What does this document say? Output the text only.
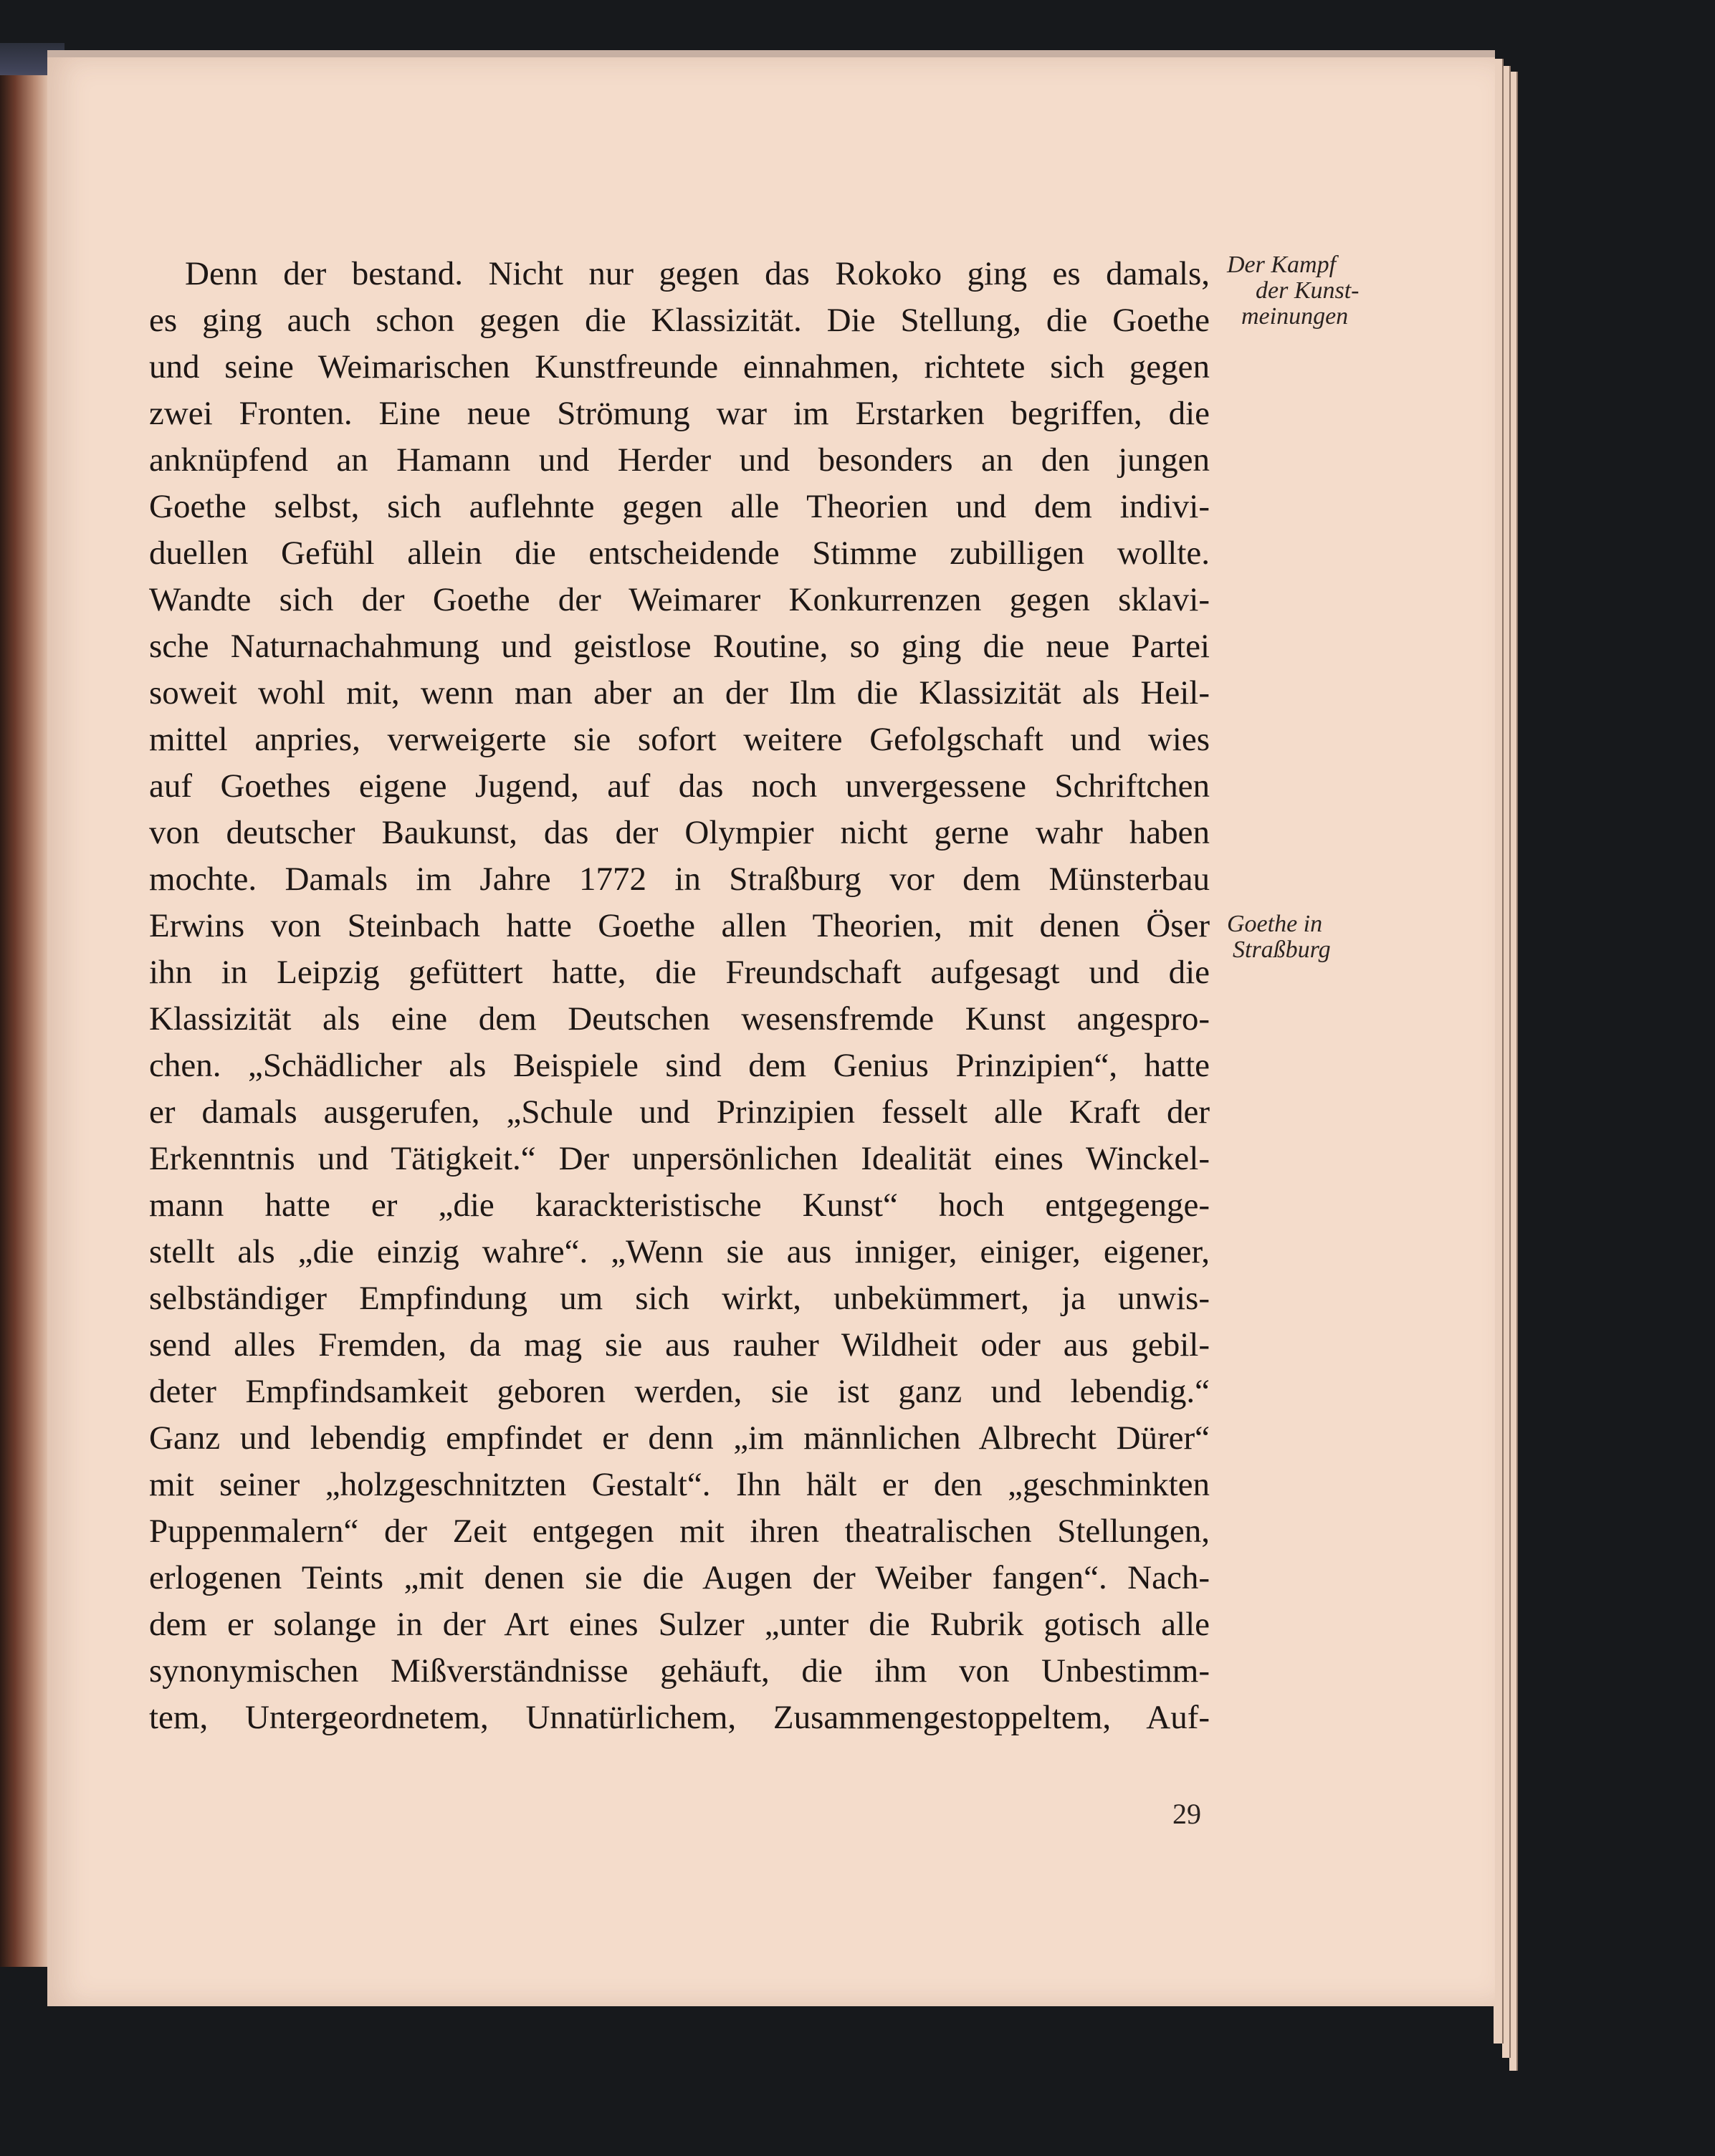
Denn der bestand. Nicht nur gegen das Rokoko ging es damals,
es ging auch schon gegen die Klassizität. Die Stellung, die Goethe
und seine Weimarischen Kunstfreunde einnahmen, richtete sich gegen
zwei Fronten. Eine neue Strömung war im Erstarken begriffen, die
anknüpfend an Hamann und Herder und besonders an den jungen
Goethe selbst, sich auflehnte gegen alle Theorien und dem indivi-
duellen Gefühl allein die entscheidende Stimme zubilligen wollte.
Wandte sich der Goethe der Weimarer Konkurrenzen gegen sklavi-
sche Naturnachahmung und geistlose Routine, so ging die neue Partei
soweit wohl mit, wenn man aber an der Ilm die Klassizität als Heil-
mittel anpries, verweigerte sie sofort weitere Gefolgschaft und wies
auf Goethes eigene Jugend, auf das noch unvergessene Schriftchen
von deutscher Baukunst, das der Olympier nicht gerne wahr haben
mochte. Damals im Jahre 1772 in Straßburg vor dem Münsterbau
Erwins von Steinbach hatte Goethe allen Theorien, mit denen Öser
ihn in Leipzig gefüttert hatte, die Freundschaft aufgesagt und die
Klassizität als eine dem Deutschen wesensfremde Kunst angespro-
chen. „Schädlicher als Beispiele sind dem Genius Prinzipien“, hatte
er damals ausgerufen, „Schule und Prinzipien fesselt alle Kraft der
Erkenntnis und Tätigkeit.“ Der unpersönlichen Idealität eines Winckel-
mann hatte er „die karackteristische Kunst“ hoch entgegenge-
stellt als „die einzig wahre“. „Wenn sie aus inniger, einiger, eigener,
selbständiger Empfindung um sich wirkt, unbekümmert, ja unwis-
send alles Fremden, da mag sie aus rauher Wildheit oder aus gebil-
deter Empfindsamkeit geboren werden, sie ist ganz und lebendig.“
Ganz und lebendig empfindet er denn „im männlichen Albrecht Dürer“
mit seiner „holzgeschnitzten Gestalt“. Ihn hält er den „geschminkten
Puppenmalern“ der Zeit entgegen mit ihren theatralischen Stellungen,
erlogenen Teints „mit denen sie die Augen der Weiber fangen“. Nach-
dem er solange in der Art eines Sulzer „unter die Rubrik gotisch alle
synonymischen Mißverständnisse gehäuft, die ihm von Unbestimm-
tem, Untergeordnetem, Unnatürlichem, Zusammengestoppeltem, Auf-
Der Kampf
der Kunst-
meinungen
Goethe in
Straßburg
29
